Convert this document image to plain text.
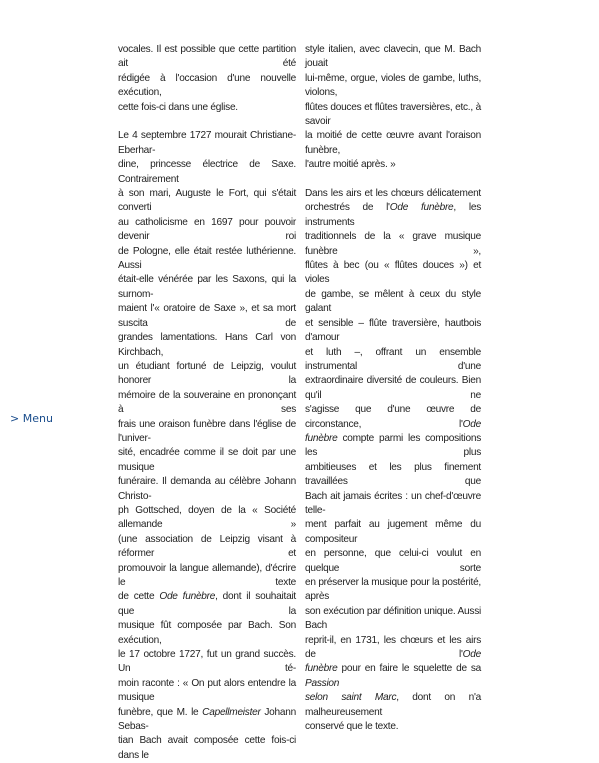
vocales. Il est possible que cette partition ait été
rédigée à l'occasion d'une nouvelle exécution,
cette fois-ci dans une église.

Le 4 septembre 1727 mourait Christiane-Eberhar-
dine, princesse électrice de Saxe. Contrairement
à son mari, Auguste le Fort, qui s'était converti
au catholicisme en 1697 pour pouvoir devenir roi
de Pologne, elle était restée luthérienne. Aussi
était-elle vénérée par les Saxons, qui la surnom-
maient l'« oratoire de Saxe », et sa mort suscita de
grandes lamentations. Hans Carl von Kirchbach,
un étudiant fortuné de Leipzig, voulut honorer la
mémoire de la souveraine en prononçant à ses
frais une oraison funèbre dans l'église de l'univer-
sité, encadrée comme il se doit par une musique
funéraire. Il demanda au célèbre Johann Christo-
ph Gottsched, doyen de la « Société allemande »
(une association de Leipzig visant à réformer et
promouvoir la langue allemande), d'écrire le texte
de cette Ode funèbre, dont il souhaitait que la
musique fût composée par Bach. Son exécution,
le 17 octobre 1727, fut un grand succès. Un té-
moin raconte : « On put alors entendre la musique
funèbre, que M. le Capellmeister Johann Sebas-
tian Bach avait composée cette fois-ci dans le

style italien, avec clavecin, que M. Bach jouait
lui-même, orgue, violes de gambe, luths, violons,
flûtes douces et flûtes traversières, etc., à savoir
la moitié de cette œuvre avant l'oraison funèbre,
l'autre moitié après. »

Dans les airs et les chœurs délicatement
orchestrés de l'Ode funèbre, les instruments
traditionnels de la « grave musique funèbre »,
flûtes à bec (ou « flûtes douces ») et violes
de gambe, se mêlent à ceux du style galant
et sensible – flûte traversière, hautbois d'amour
et luth –, offrant un ensemble instrumental d'une
extraordinaire diversité de couleurs. Bien qu'il ne
s'agisse que d'une œuvre de circonstance, l'Ode
funèbre compte parmi les compositions les plus
ambitieuses et les plus finement travaillées que
Bach ait jamais écrites : un chef-d'œuvre telle-
ment parfait au jugement même du compositeur
en personne, que celui-ci voulut en quelque sorte
en préserver la musique pour la postérité, après
son exécution par définition unique. Aussi Bach
reprit-il, en 1731, les chœurs et les airs de l'Ode
funèbre pour en faire le squelette de sa Passion
selon saint Marc, dont on n'a malheureusement
conservé que le texte.

> Menu
